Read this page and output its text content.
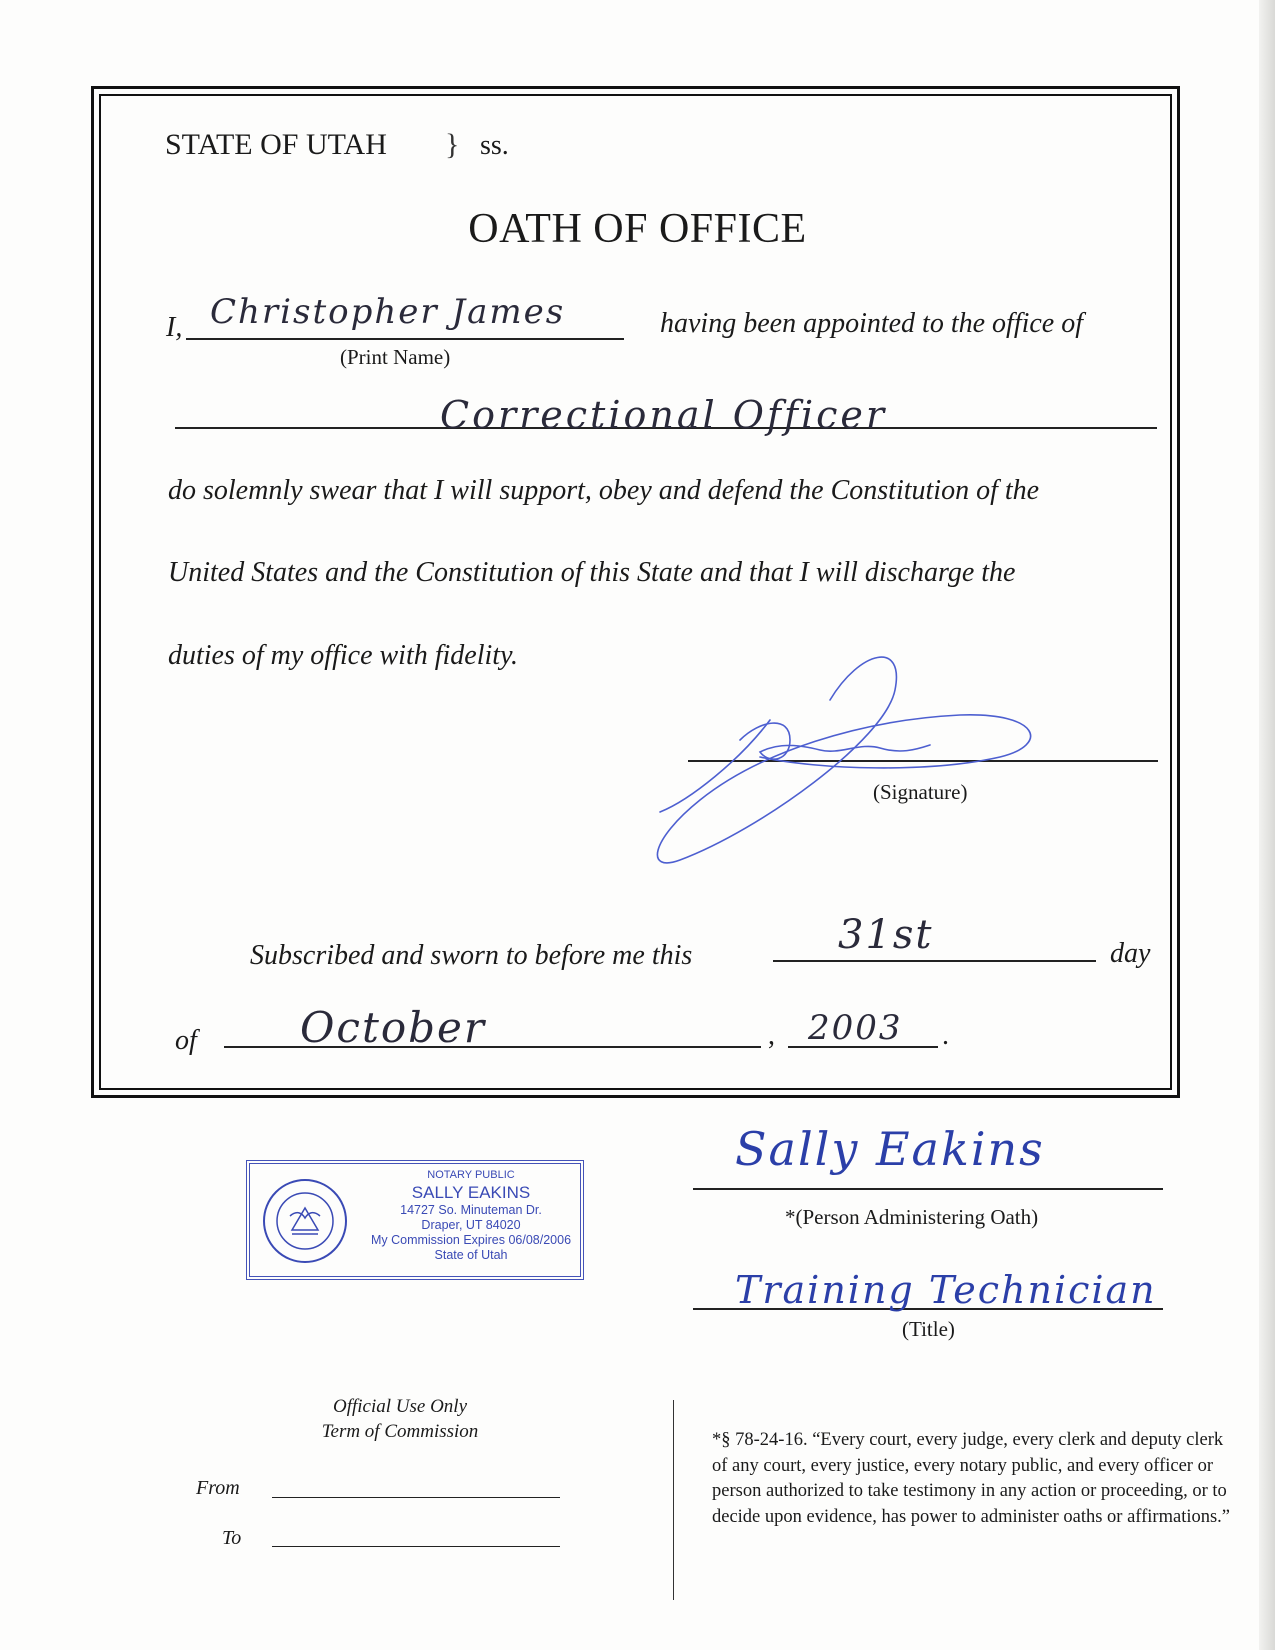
STATE OF UTAH } ss.
OATH OF OFFICE
I, Christopher James	having been appointed to the office of
(Print Name)
Correctional Officer
do solemnly swear that I will support, obey and defend the Constitution of the
United States and the Constitution of this State and that I will discharge the
duties of my office with fidelity.
(Signature)
Subscribed and sworn to before me this	31st	day
of October	, 2003 .
NOTARY PUBLIC
SALLY EAKINS
14727 So. Minuteman Dr.
Draper, UT 84020
My Commission Expires 06/08/2006
State of Utah
Sally Eakins
*(Person Administering Oath)
Training Technician
(Title)
Official Use Only
Term of Commission
From
To
*§ 78-24-16. “Every court, every judge, every clerk and deputy clerk of any court, every justice, every notary public, and every officer or person authorized to take testimony in any action or proceeding, or to decide upon evidence, has power to administer oaths or affirmations.”
